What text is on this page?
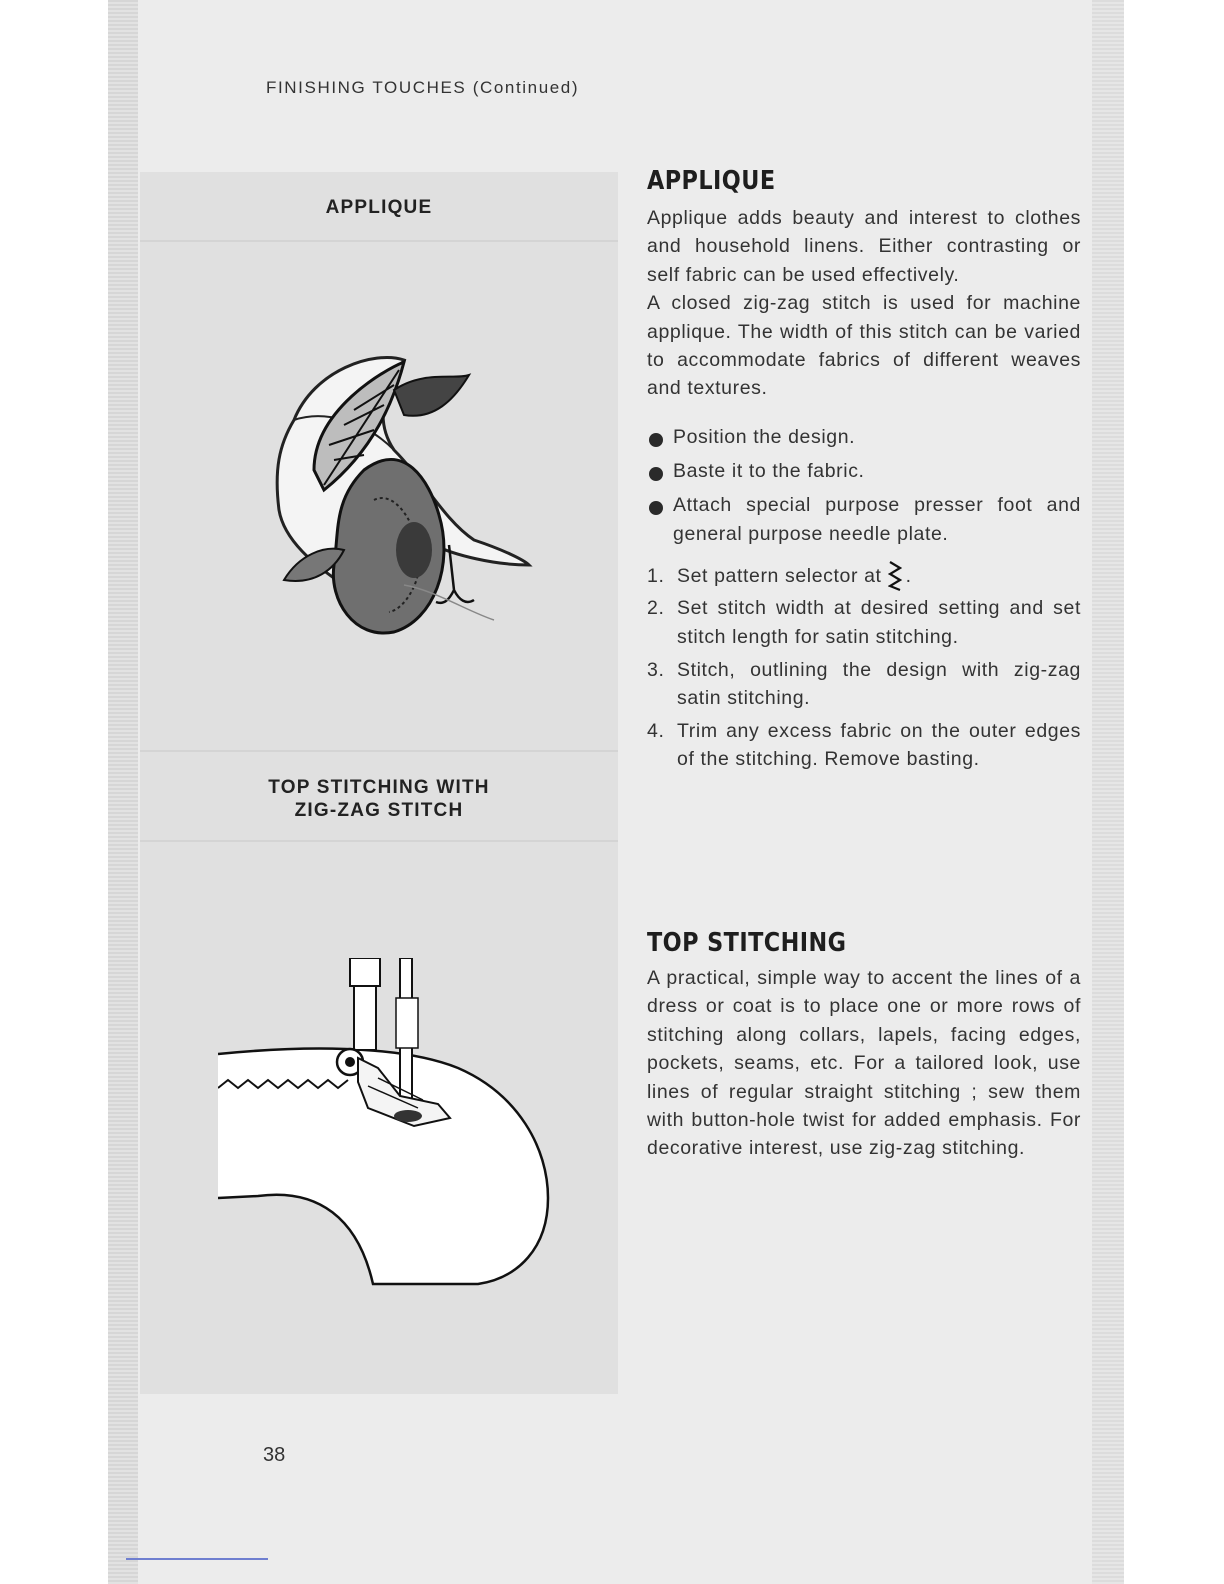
FINISHING TOUCHES (Continued)
APPLIQUE
TOP STITCHING WITH
ZIG-ZAG STITCH
APPLIQUE

Applique adds beauty and interest to clothes and household linens. Either contrasting or self fabric can be used effectively.

A closed zig-zag stitch is used for machine applique. The width of this stitch can be varied to accommodate fabrics of different weaves and textures.

Position the design.
Baste it to the fabric.
Attach special purpose presser foot and general purpose needle plate.
1. Set pattern selector at .
2. Set stitch width at desired setting and set stitch length for satin stitching.
3. Stitch, outlining the design with zig-zag satin stitching.
4. Trim any excess fabric on the outer edges of the stitching. Remove basting.
TOP STITCHING

A practical, simple way to accent the lines of a dress or coat is to place one or more rows of stitching along collars, lapels, facing edges, pockets, seams, etc. For a tailored look, use lines of regular straight stitching ; sew them with button-hole twist for added emphasis. For decorative interest, use zig-zag stitching.

38
